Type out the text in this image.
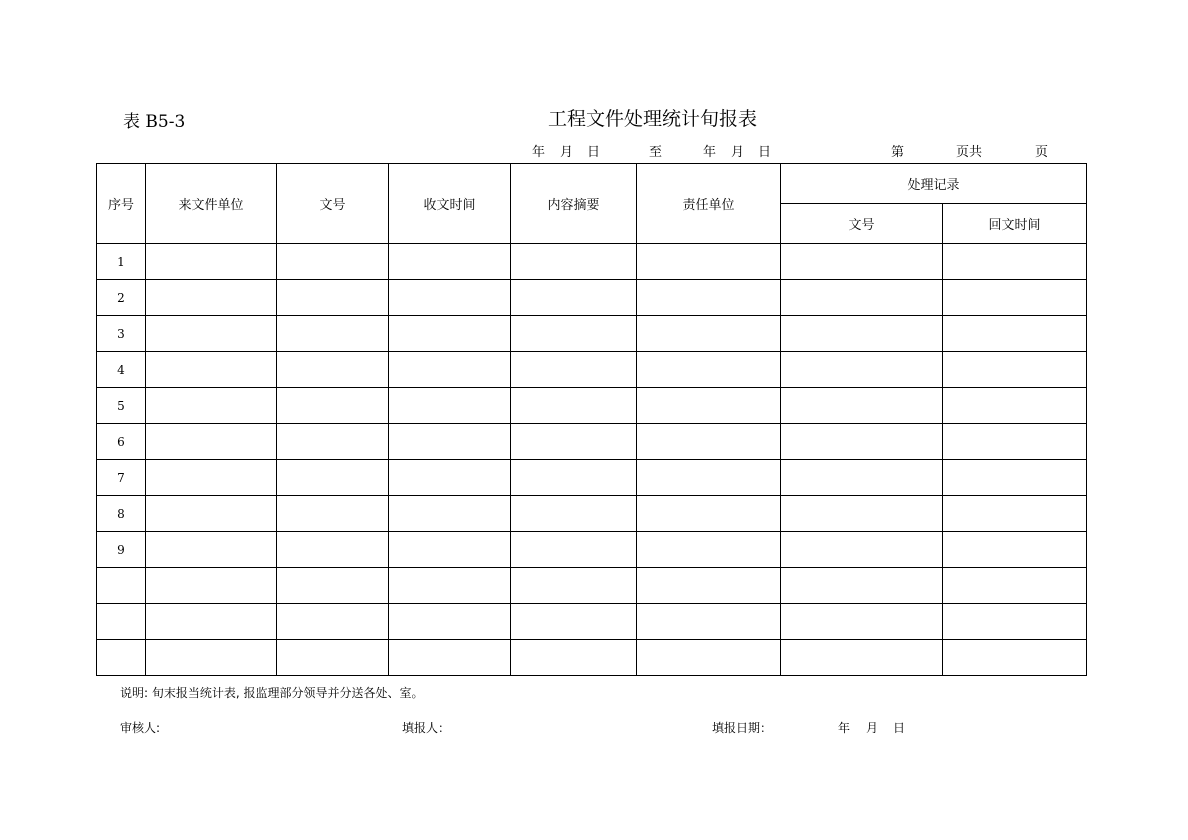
表 B5-3	工程文件处理统计旬报表
年 月 日	至	年 月 日	第	页共	页
序号	来文件单位	文号	收文时间	内容摘要	责任单位	处理记录	
						文号	回文时间
1							
2							
3							
4							
5							
6							
7							
8							
9							

说明: 旬末报当统计表, 报监理部分领导并分送各处、室。
审核人:	填报人：	填报日期：	年 月 日
